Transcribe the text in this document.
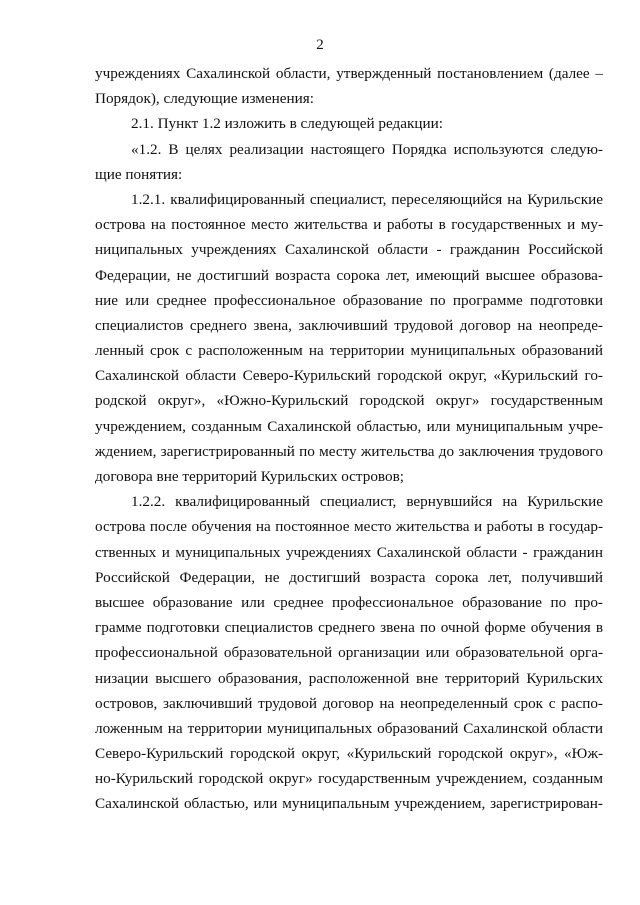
2
учреждениях Сахалинской области, утвержденный постановлением (далее –
Порядок), следующие изменения:
2.1. Пункт 1.2 изложить в следующей редакции:
«1.2. В целях реализации настоящего Порядка используются следую-
щие понятия:
1.2.1. квалифицированный специалист, переселяющийся на Курильские
острова на постоянное место жительства и работы в государственных и му-
ниципальных учреждениях Сахалинской области - гражданин Российской
Федерации, не достигший возраста сорока лет, имеющий высшее образова-
ние или среднее профессиональное образование по программе подготовки
специалистов среднего звена, заключивший трудовой договор на неопреде-
ленный срок с расположенным на территории муниципальных образований
Сахалинской области Северо-Курильский городской округ, «Курильский го-
родской округ», «Южно-Курильский городской округ» государственным
учреждением, созданным Сахалинской областью, или муниципальным учре-
ждением, зарегистрированный по месту жительства до заключения трудового
договора вне территорий Курильских островов;
1.2.2. квалифицированный специалист, вернувшийся на Курильские
острова после обучения на постоянное место жительства и работы в государ-
ственных и муниципальных учреждениях Сахалинской области - гражданин
Российской Федерации, не достигший возраста сорока лет, получивший
высшее образование или среднее профессиональное образование по про-
грамме подготовки специалистов среднего звена по очной форме обучения в
профессиональной образовательной организации или образовательной орга-
низации высшего образования, расположенной вне территорий Курильских
островов, заключивший трудовой договор на неопределенный срок с распо-
ложенным на территории муниципальных образований Сахалинской области
Северо-Курильский городской округ, «Курильский городской округ», «Юж-
но-Курильский городской округ» государственным учреждением, созданным
Сахалинской областью, или муниципальным учреждением, зарегистрирован-
